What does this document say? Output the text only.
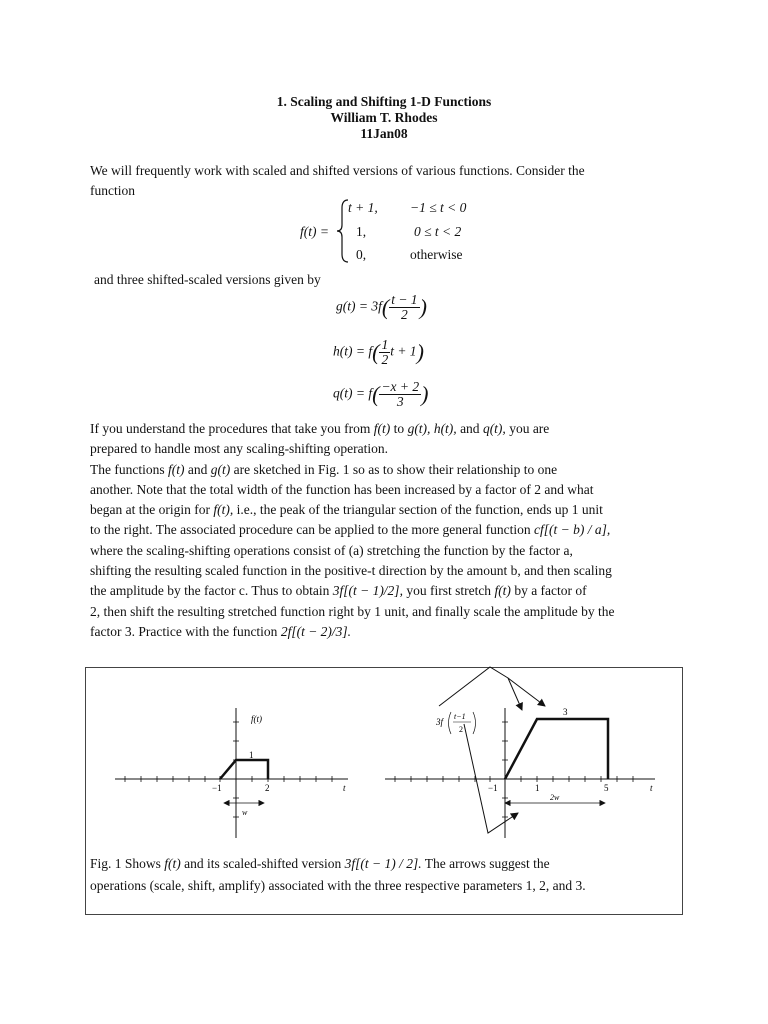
1. Scaling and Shifting 1-D Functions
William T. Rhodes
11Jan08
We will frequently work with scaled and shifted versions of various functions. Consider the
function
f(t) =
t + 1, −1 ≤ t < 0
1,	0 ≤ t < 2
0,	otherwise
and three shifted-scaled versions given by
$g(t) = 3f( \frac{t - 1}{2}$ )
$h(t) = f( \frac{1}{2}$ t + 1)
$q(t) = f( \frac{-x + 2}{3}$ )
If you understand the procedures that take you from f(t) to g(t), h(t), and q(t), you are
prepared to handle most any scaling-shifting operation.
The functions f(t) and g(t) are sketched in Fig. 1 so as to show their relationship to one
another. Note that the total width of the function has been increased by a factor of 2 and what
began at the origin for f(t), i.e., the peak of the triangular section of the function, ends up 1 unit
to the right. The associated procedure can be applied to the more general function cf[(t − b) / a],
where the scaling-shifting operations consist of (a) stretching the function by the factor a,
shifting the resulting scaled function in the positive-t direction by the amount b, and then scaling
the amplitude by the factor c. Thus to obtain 3f[(t − 1)/2], you first stretch f(t) by a factor of
2, then shift the resulting stretched function right by 1 unit, and finally scale the amplitude by the
factor 3. Practice with the function 2f[(t − 2)/3].
f(t)
1
−1	2	t
w
−1	1	5	t
3
2w
3f
t−1
2
Fig. 1 Shows f(t) and its scaled-shifted version 3f[(t − 1) / 2]. The arrows suggest the
operations (scale, shift, amplify) associated with the three respective parameters 1, 2, and 3.
